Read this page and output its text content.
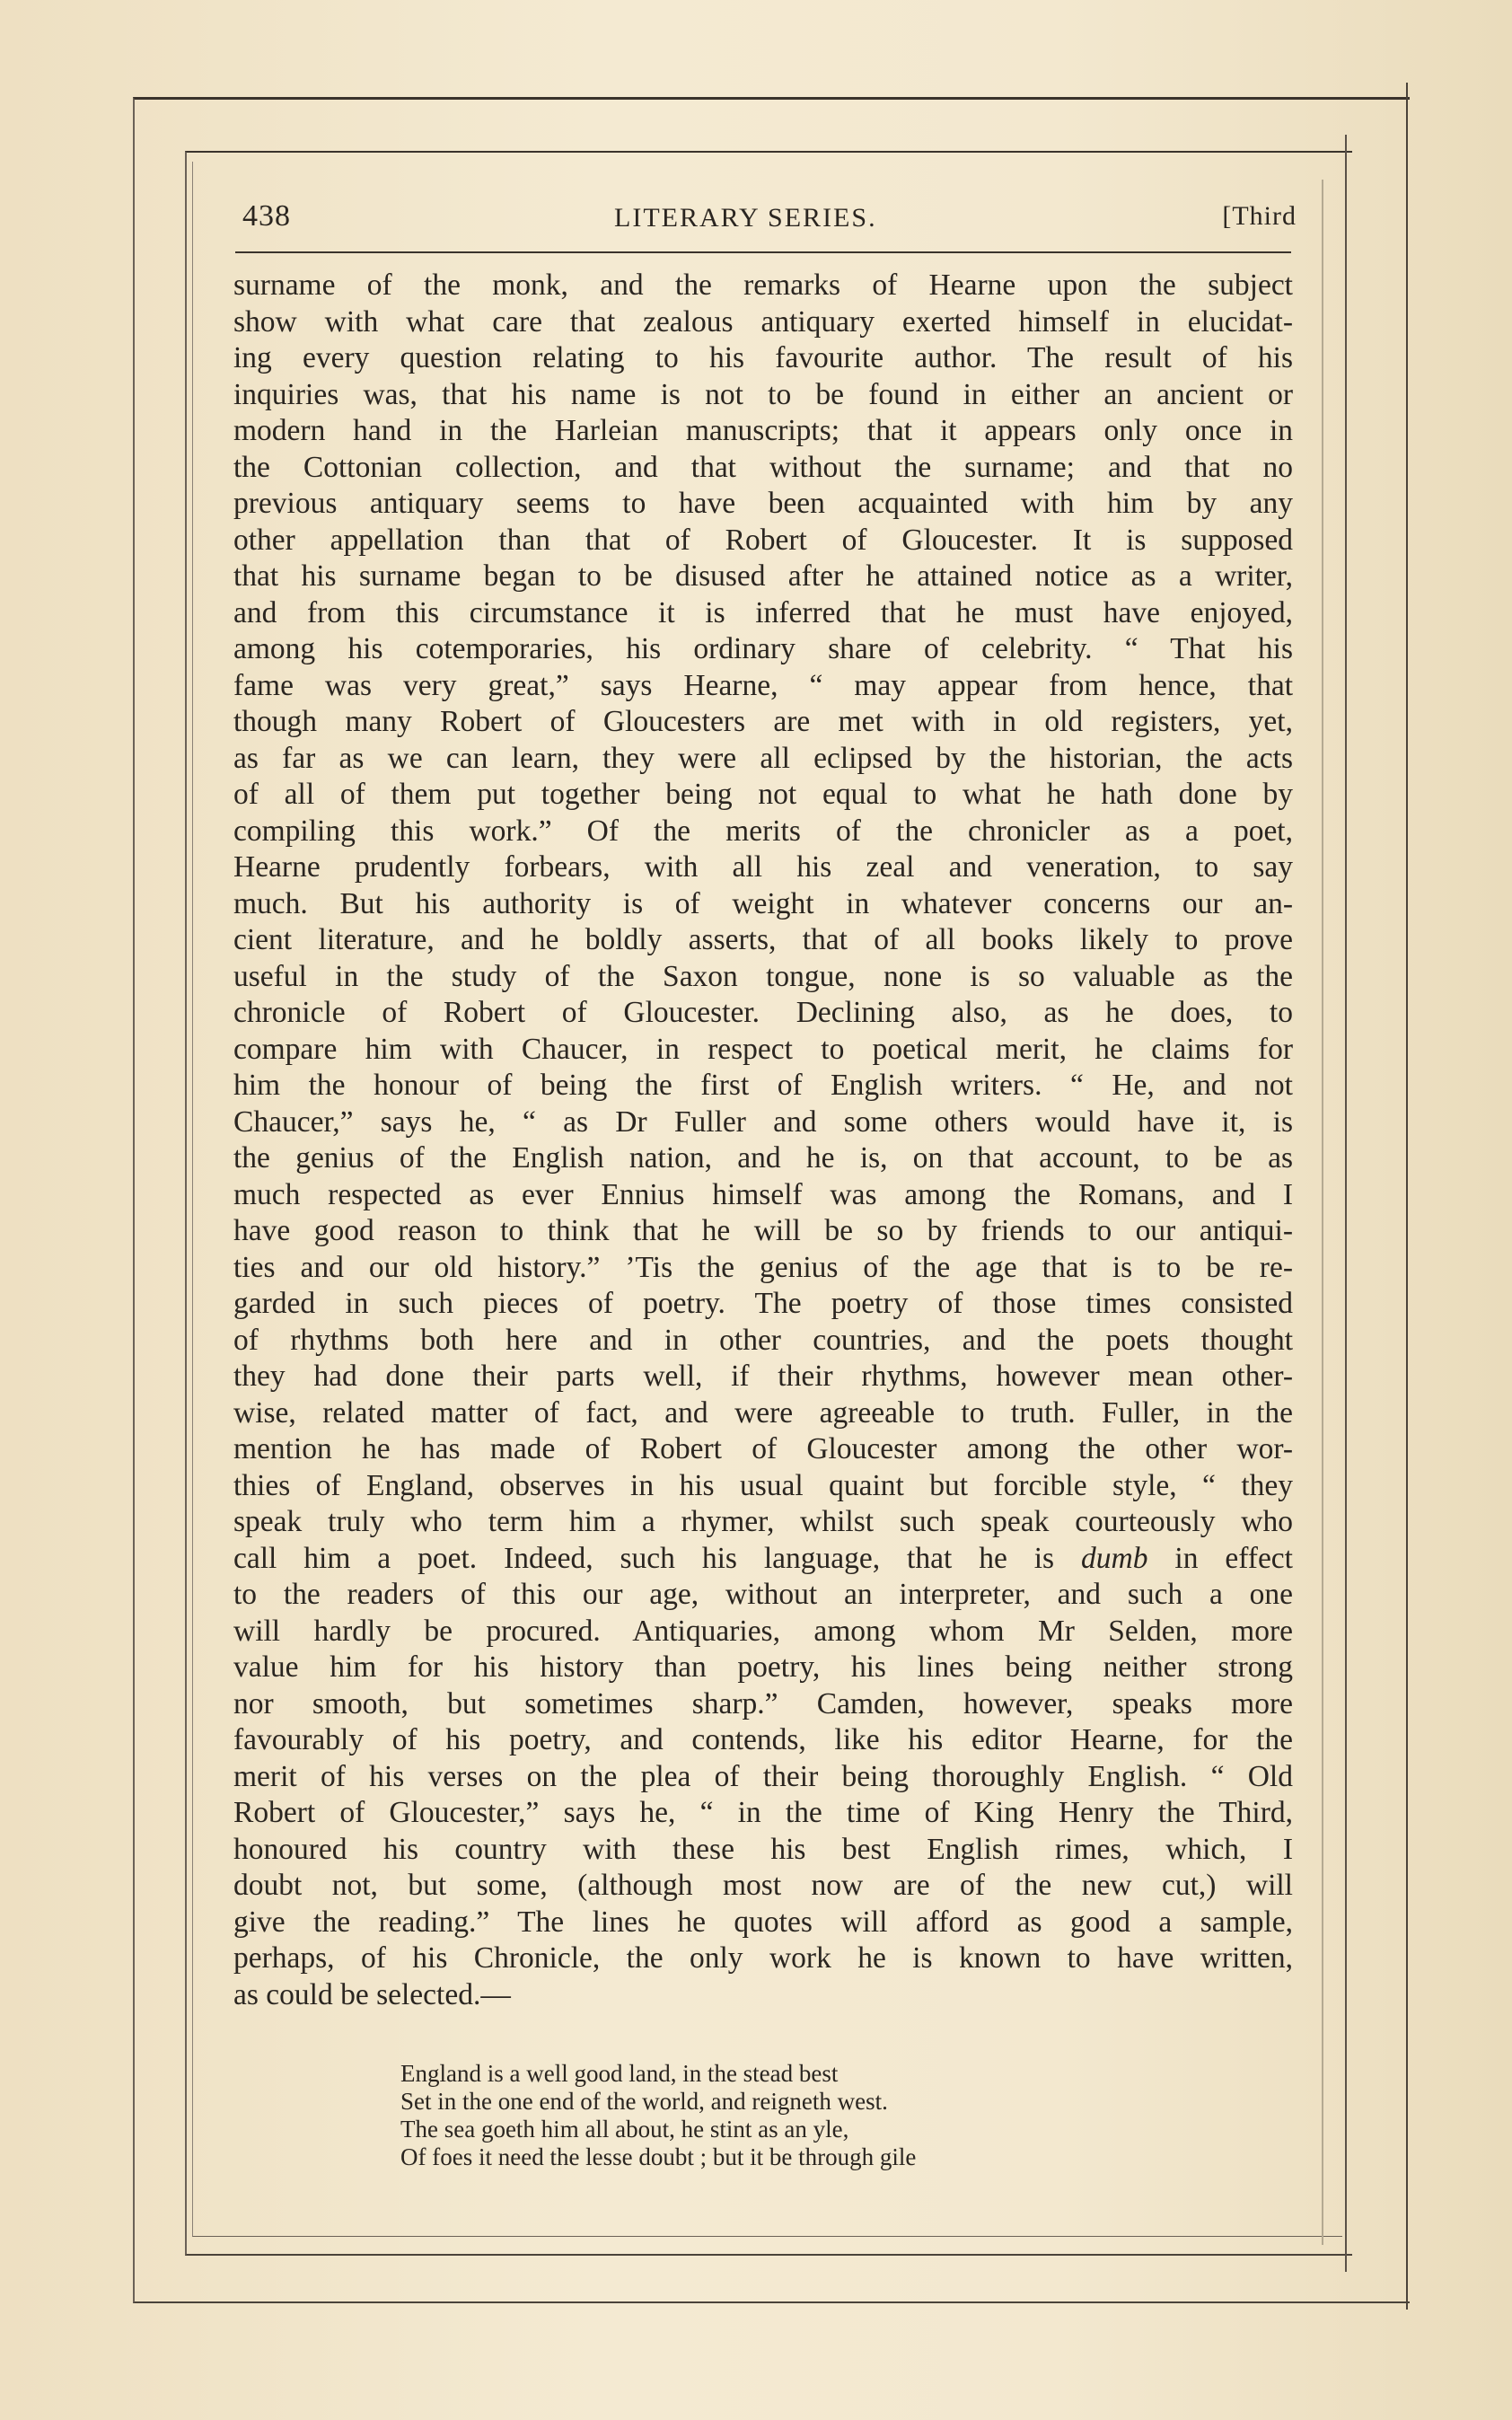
438	LITERARY SERIES.	[Third
surname of the monk, and the remarks of Hearne upon the subject
show with what care that zealous antiquary exerted himself in elucidat-
ing every question relating to his favourite author. The result of his
inquiries was, that his name is not to be found in either an ancient or
modern hand in the Harleian manuscripts; that it appears only once in
the Cottonian collection, and that without the surname; and that no
previous antiquary seems to have been acquainted with him by any
other appellation than that of Robert of Gloucester. It is supposed
that his surname began to be disused after he attained notice as a writer,
and from this circumstance it is inferred that he must have enjoyed,
among his cotemporaries, his ordinary share of celebrity. “ That his
fame was very great,” says Hearne, “ may appear from hence, that
though many Robert of Gloucesters are met with in old registers, yet,
as far as we can learn, they were all eclipsed by the historian, the acts
of all of them put together being not equal to what he hath done by
compiling this work.” Of the merits of the chronicler as a poet,
Hearne prudently forbears, with all his zeal and veneration, to say
much. But his authority is of weight in whatever concerns our an-
cient literature, and he boldly asserts, that of all books likely to prove
useful in the study of the Saxon tongue, none is so valuable as the
chronicle of Robert of Gloucester. Declining also, as he does, to
compare him with Chaucer, in respect to poetical merit, he claims for
him the honour of being the first of English writers. “ He, and not
Chaucer,” says he, “ as Dr Fuller and some others would have it, is
the genius of the English nation, and he is, on that account, to be as
much respected as ever Ennius himself was among the Romans, and I
have good reason to think that he will be so by friends to our antiqui-
ties and our old history.” ’Tis the genius of the age that is to be re-
garded in such pieces of poetry. The poetry of those times consisted
of rhythms both here and in other countries, and the poets thought
they had done their parts well, if their rhythms, however mean other-
wise, related matter of fact, and were agreeable to truth. Fuller, in the
mention he has made of Robert of Gloucester among the other wor-
thies of England, observes in his usual quaint but forcible style, “ they
speak truly who term him a rhymer, whilst such speak courteously who
call him a poet. Indeed, such his language, that he is dumb in effect
to the readers of this our age, without an interpreter, and such a one
will hardly be procured. Antiquaries, among whom Mr Selden, more
value him for his history than poetry, his lines being neither strong
nor smooth, but sometimes sharp.” Camden, however, speaks more
favourably of his poetry, and contends, like his editor Hearne, for the
merit of his verses on the plea of their being thoroughly English. “ Old
Robert of Gloucester,” says he, “ in the time of King Henry the Third,
honoured his country with these his best English rimes, which, I
doubt not, but some, (although most now are of the new cut,) will
give the reading.” The lines he quotes will afford as good a sample,
perhaps, of his Chronicle, the only work he is known to have written,
as could be selected.—
England is a well good land, in the stead best
Set in the one end of the world, and reigneth west.
The sea goeth him all about, he stint as an yle,
Of foes it need the lesse doubt ; but it be through gile
